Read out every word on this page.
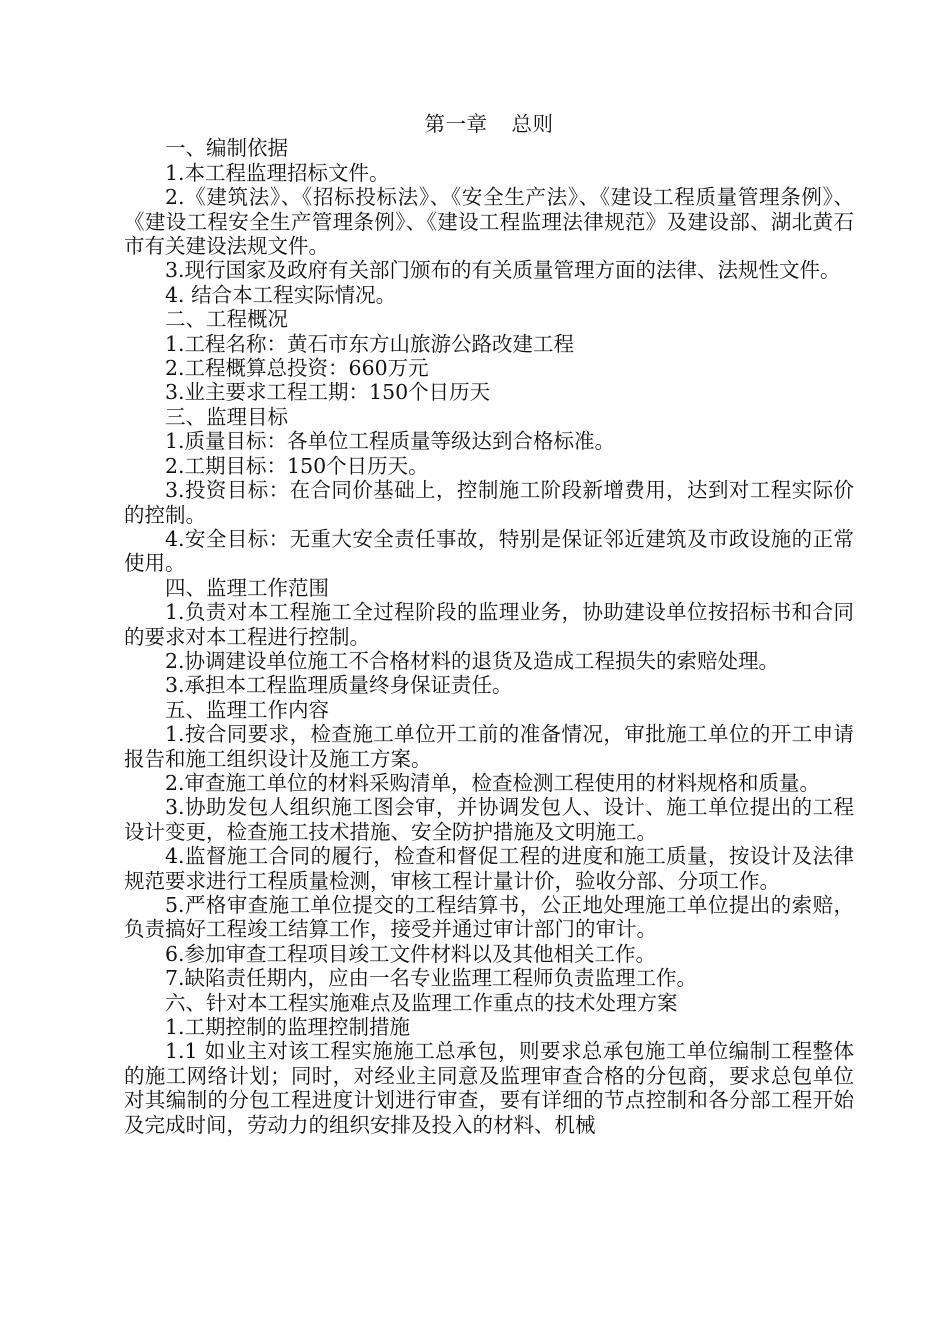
第一章 总则

一、编制依据

1.本工程监理招标文件。

2.《建筑法》、《招标投标法》、《安全生产法》、《建设工程质量管理条例》、《建设工程安全生产管理条例》、《建设工程监理法律规范》及建设部、湖北黄石市有关建设法规文件。

3.现行国家及政府有关部门颁布的有关质量管理方面的法律、法规性文件。

4. 结合本工程实际情况。

二、工程概况

1.工程名称：黄石市东方山旅游公路改建工程

2.工程概算总投资：660万元

3.业主要求工程工期：150个日历天

三、监理目标

1.质量目标：各单位工程质量等级达到合格标准。

2.工期目标：150个日历天。

3.投资目标：在合同价基础上，控制施工阶段新增费用，达到对工程实际价的控制。

4.安全目标：无重大安全责任事故，特别是保证邻近建筑及市政设施的正常使用。

四、监理工作范围

1.负责对本工程施工全过程阶段的监理业务，协助建设单位按招标书和合同的要求对本工程进行控制。

2.协调建设单位施工不合格材料的退货及造成工程损失的索赔处理。

3.承担本工程监理质量终身保证责任。

五、监理工作内容

1.按合同要求，检查施工单位开工前的准备情况，审批施工单位的开工申请报告和施工组织设计及施工方案。

2.审查施工单位的材料采购清单，检查检测工程使用的材料规格和质量。

3.协助发包人组织施工图会审，并协调发包人、设计、施工单位提出的工程设计变更，检查施工技术措施、安全防护措施及文明施工。

4.监督施工合同的履行，检查和督促工程的进度和施工质量，按设计及法律规范要求进行工程质量检测，审核工程计量计价，验收分部、分项工作。

5.严格审查施工单位提交的工程结算书，公正地处理施工单位提出的索赔，负责搞好工程竣工结算工作，接受并通过审计部门的审计。

6.参加审查工程项目竣工文件材料以及其他相关工作。

7.缺陷责任期内，应由一名专业监理工程师负责监理工作。

六、针对本工程实施难点及监理工作重点的技术处理方案

1.工期控制的监理控制措施

1.1 如业主对该工程实施施工总承包，则要求总承包施工单位编制工程整体的施工网络计划；同时，对经业主同意及监理审查合格的分包商，要求总包单位对其编制的分包工程进度计划进行审查，要有详细的节点控制和各分部工程开始及完成时间，劳动力的组织安排及投入的材料、机械
